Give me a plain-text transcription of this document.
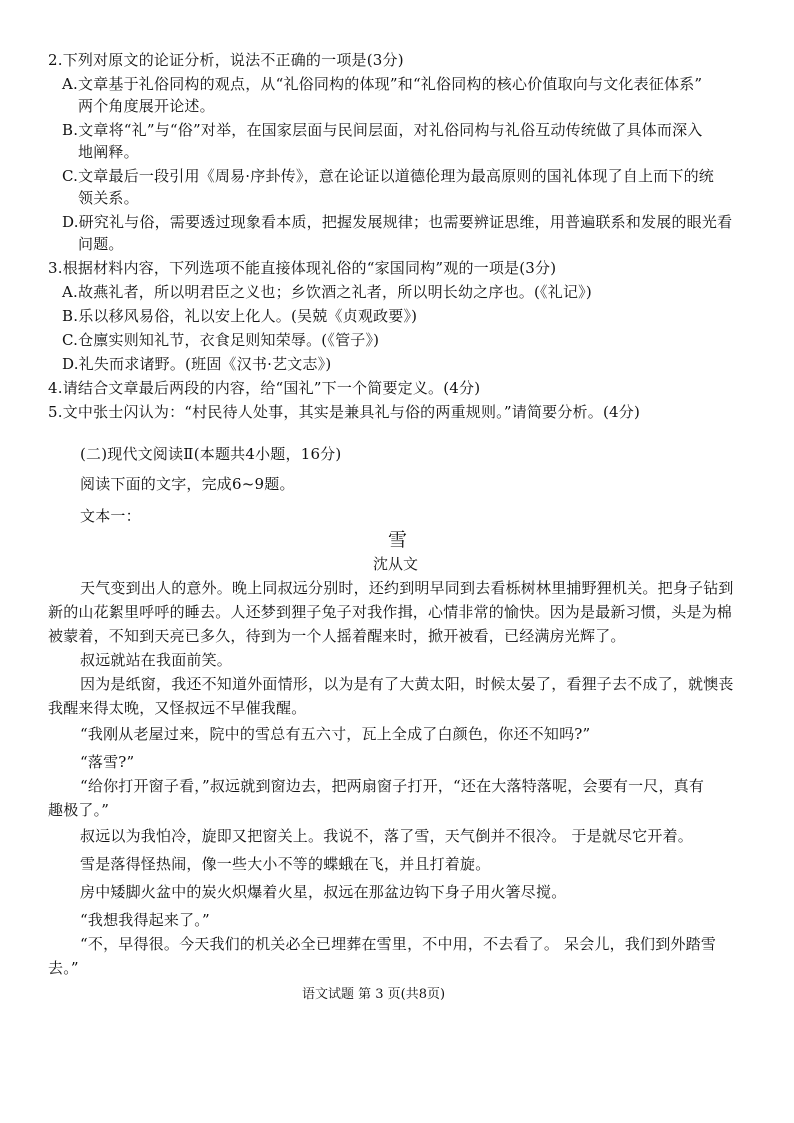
2.下列对原文的论证分析，说法不正确的一项是(3分)
A.文章基于礼俗同构的观点，从“礼俗同构的体现”和“礼俗同构的核心价值取向与文化表征体系”
两个角度展开论述。
B.文章将“礼”与“俗”对举，在国家层面与民间层面，对礼俗同构与礼俗互动传统做了具体而深入
地阐释。
C.文章最后一段引用《周易·序卦传》，意在论证以道德伦理为最高原则的国礼体现了自上而下的统
领关系。
D.研究礼与俗，需要透过现象看本质，把握发展规律；也需要辨证思维，用普遍联系和发展的眼光看
问题。
3.根据材料内容，下列选项不能直接体现礼俗的“家国同构”观的一项是(3分)
A.故燕礼者，所以明君臣之义也；乡饮酒之礼者，所以明长幼之序也。(《礼记》)
B.乐以移风易俗，礼以安上化人。(吴兢《贞观政要》)
C.仓廪实则知礼节，衣食足则知荣辱。(《管子》)
D.礼失而求诸野。(班固《汉书·艺文志》)
4.请结合文章最后两段的内容，给“国礼”下一个简要定义。(4分)
5.文中张士闪认为：“村民待人处事，其实是兼具礼与俗的两重规则。”请简要分析。(4分)
(二)现代文阅读Ⅱ(本题共4小题，16分)
阅读下面的文字，完成6~9题。
文本一：
雪
沈从文
天气变到出人的意外。晚上同叔远分别时，还约到明早同到去看栎树林里捕野狸机关。把身子钻到
新的山花絮里呼呼的睡去。人还梦到狸子兔子对我作揖，心情非常的愉快。因为是最新习惯，头是为棉
被蒙着，不知到天亮已多久，待到为一个人摇着醒来时，掀开被看，已经满房光辉了。
叔远就站在我面前笑。
因为是纸窗，我还不知道外面情形，以为是有了大黄太阳，时候太晏了，看狸子去不成了，就懊丧
我醒来得太晚，又怪叔远不早催我醒。
“我刚从老屋过来，院中的雪总有五六寸，瓦上全成了白颜色，你还不知吗?”
“落雪?”
“给你打开窗子看，”叔远就到窗边去，把两扇窗子打开，“还在大落特落呢，会要有一尺，真有
趣极了。”
叔远以为我怕冷，旋即又把窗关上。我说不，落了雪，天气倒并不很冷。 于是就尽它开着。
雪是落得怪热闹，像一些大小不等的蝶蛾在飞，并且打着旋。
房中矮脚火盆中的炭火炽爆着火星，叔远在那盆边钩下身子用火箸尽搅。
“我想我得起来了。”
“不，早得很。今天我们的机关必全已埋葬在雪里，不中用，不去看了。 呆会儿，我们到外踏雪
去。”
语文试题 第 3 页(共8页)
